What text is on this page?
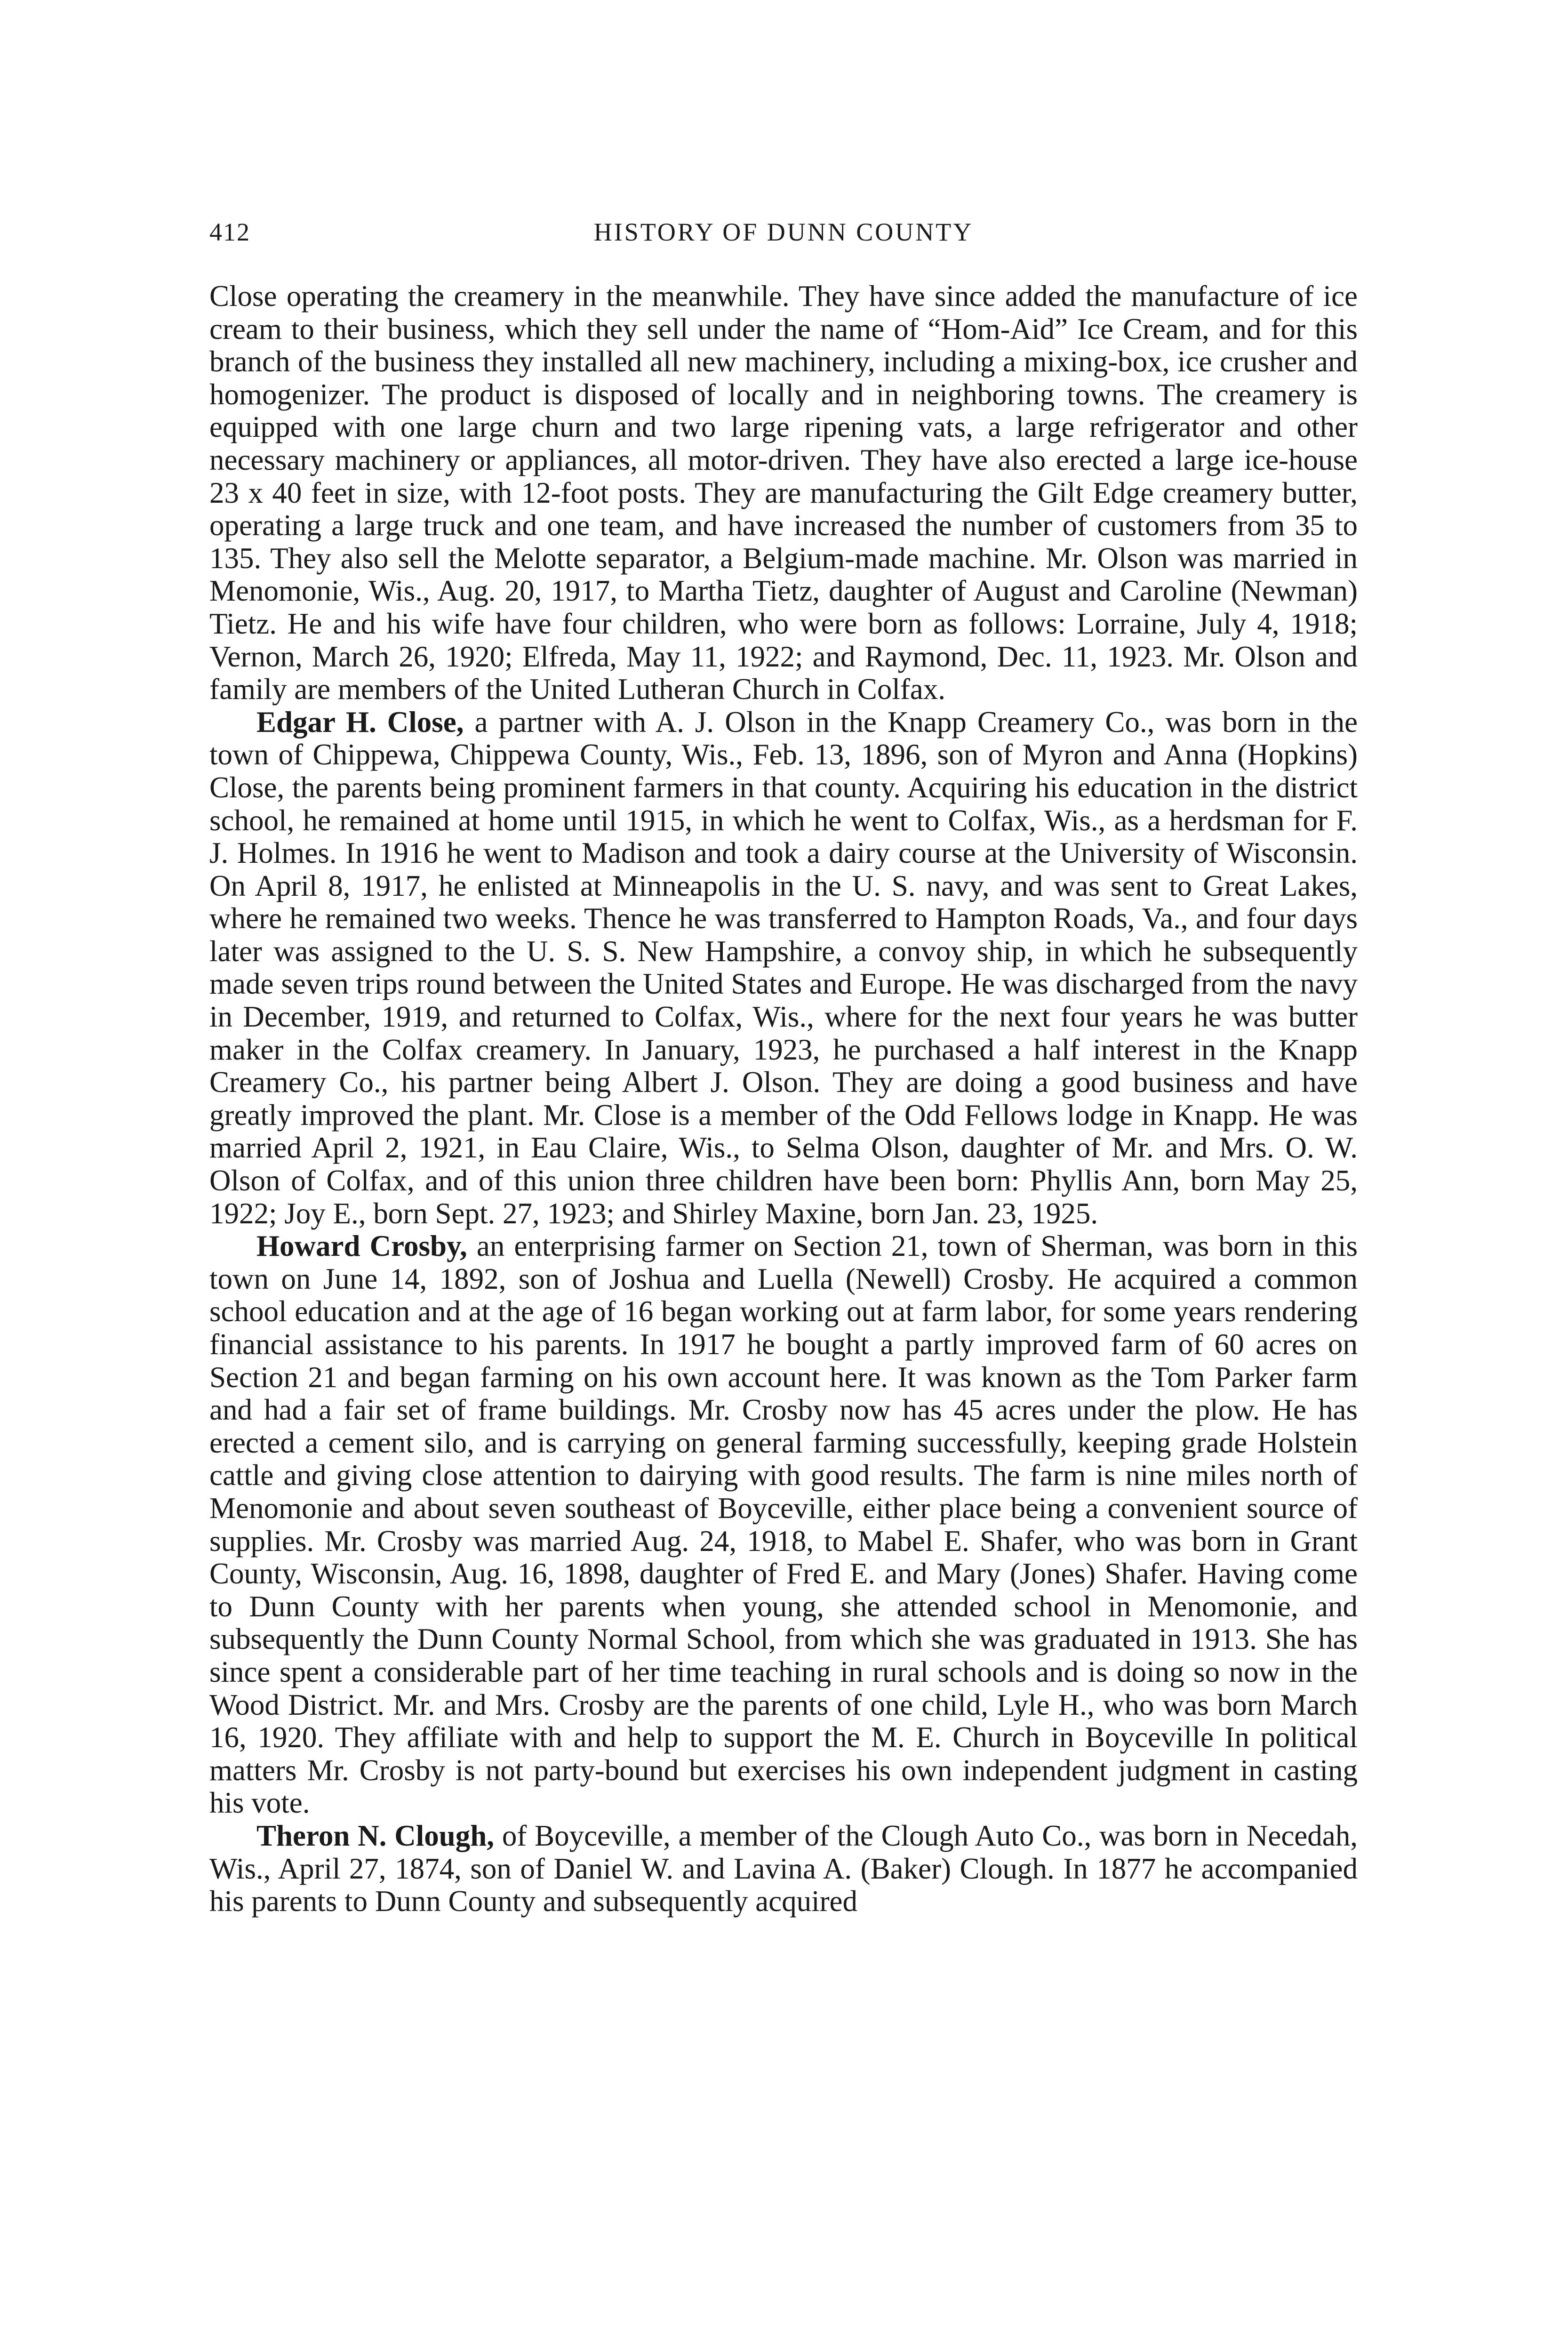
412	HISTORY OF DUNN COUNTY

Close operating the creamery in the meanwhile. They have since added the manufacture of ice cream to their business, which they sell under the name of “Hom-Aid” Ice Cream, and for this branch of the business they installed all new machinery, including a mixing-box, ice crusher and homogenizer. The product is disposed of locally and in neighboring towns. The creamery is equipped with one large churn and two large ripening vats, a large refrigerator and other necessary machinery or appliances, all motor-driven. They have also erected a large ice-house 23 x 40 feet in size, with 12-foot posts. They are manufacturing the Gilt Edge creamery butter, operating a large truck and one team, and have increased the number of customers from 35 to 135. They also sell the Melotte separator, a Belgium-made machine. Mr. Olson was married in Menomonie, Wis., Aug. 20, 1917, to Martha Tietz, daughter of August and Caroline (Newman) Tietz. He and his wife have four children, who were born as follows: Lorraine, July 4, 1918; Vernon, March 26, 1920; Elfreda, May 11, 1922; and Raymond, Dec. 11, 1923. Mr. Olson and family are members of the United Lutheran Church in Colfax.

Edgar H. Close, a partner with A. J. Olson in the Knapp Creamery Co., was born in the town of Chippewa, Chippewa County, Wis., Feb. 13, 1896, son of Myron and Anna (Hopkins) Close, the parents being prominent farmers in that county. Acquiring his education in the district school, he remained at home until 1915, in which he went to Colfax, Wis., as a herdsman for F. J. Holmes. In 1916 he went to Madison and took a dairy course at the University of Wisconsin. On April 8, 1917, he enlisted at Minneapolis in the U. S. navy, and was sent to Great Lakes, where he remained two weeks. Thence he was transferred to Hampton Roads, Va., and four days later was assigned to the U. S. S. New Hampshire, a convoy ship, in which he subsequently made seven trips round between the United States and Europe. He was discharged from the navy in December, 1919, and returned to Colfax, Wis., where for the next four years he was butter maker in the Colfax creamery. In January, 1923, he purchased a half interest in the Knapp Creamery Co., his partner being Albert J. Olson. They are doing a good business and have greatly improved the plant. Mr. Close is a member of the Odd Fellows lodge in Knapp. He was married April 2, 1921, in Eau Claire, Wis., to Selma Olson, daughter of Mr. and Mrs. O. W. Olson of Colfax, and of this union three children have been born: Phyllis Ann, born May 25, 1922; Joy E., born Sept. 27, 1923; and Shirley Maxine, born Jan. 23, 1925.

Howard Crosby, an enterprising farmer on Section 21, town of Sherman, was born in this town on June 14, 1892, son of Joshua and Luella (Newell) Crosby. He acquired a common school education and at the age of 16 began working out at farm labor, for some years rendering financial assistance to his parents. In 1917 he bought a partly improved farm of 60 acres on Section 21 and began farming on his own account here. It was known as the Tom Parker farm and had a fair set of frame buildings. Mr. Crosby now has 45 acres under the plow. He has erected a cement silo, and is carrying on general farming successfully, keeping grade Holstein cattle and giving close attention to dairying with good results. The farm is nine miles north of Menomonie and about seven southeast of Boyceville, either place being a convenient source of supplies. Mr. Crosby was married Aug. 24, 1918, to Mabel E. Shafer, who was born in Grant County, Wisconsin, Aug. 16, 1898, daughter of Fred E. and Mary (Jones) Shafer. Having come to Dunn County with her parents when young, she attended school in Menomonie, and subsequently the Dunn County Normal School, from which she was graduated in 1913. She has since spent a considerable part of her time teaching in rural schools and is doing so now in the Wood District. Mr. and Mrs. Crosby are the parents of one child, Lyle H., who was born March 16, 1920. They affiliate with and help to support the M. E. Church in Boyceville In political matters Mr. Crosby is not party-bound but exercises his own independent judgment in casting his vote.

Theron N. Clough, of Boyceville, a member of the Clough Auto Co., was born in Necedah, Wis., April 27, 1874, son of Daniel W. and Lavina A. (Baker) Clough. In 1877 he accompanied his parents to Dunn County and subsequently acquired
